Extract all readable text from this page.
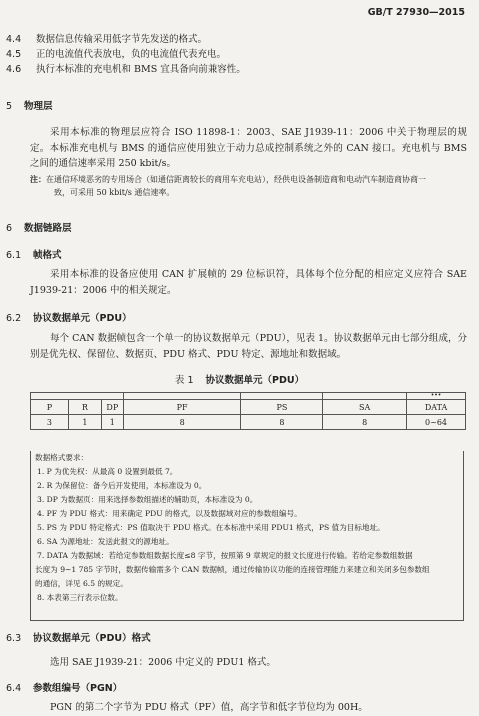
GB/T 27930—2015
4.4 数据信息传输采用低字节先发送的格式。
4.5 正的电流值代表放电，负的电流值代表充电。
4.6 执行本标准的充电机和 BMS 宜具备向前兼容性。
5 物理层
采用本标准的物理层应符合 ISO 11898-1：2003、SAE J1939-11：2006 中关于物理层的规定。本标准充电机与 BMS 的通信应使用独立于动力总成控制系统之外的 CAN 接口。充电机与 BMS 之间的通信速率采用 250 kbit/s。
注：在通信环境恶劣的专用场合（如通信距离较长的商用车充电站），经供电设备制造商和电动汽车制造商协商一
致，可采用 50 kbit/s 通信速率。
6 数据链路层
6.1 帧格式
采用本标准的设备应使用 CAN 扩展帧的 29 位标识符，具体每个位分配的相应定义应符合 SAE J1939-21：2006 中的相关规定。
6.2 协议数据单元（PDU）
每个 CAN 数据帧包含一个单一的协议数据单元（PDU），见表 1。协议数据单元由七部分组成，分别是优先权、保留位、数据页、PDU 格式、PDU 特定、源地址和数据域。
表 1 协议数据单元（PDU）
						•••
P	R	DP	PF	PS	SA	DATA
3	1	1	8	8	8	0~64
数据格式要求：
1. P 为优先权：从最高 0 设置到最低 7。
2. R 为保留位：备今后开发使用，本标准设为 0。
3. DP 为数据页：用来选择参数组描述的辅助页，本标准设为 0。
4. PF 为 PDU 格式：用来确定 PDU 的格式，以及数据域对应的参数组编号。
5. PS 为 PDU 特定格式：PS 值取决于 PDU 格式。在本标准中采用 PDU1 格式，PS 值为目标地址。
6. SA 为源地址：发送此报文的源地址。
7. DATA 为数据域：若给定参数组数据长度≤8 字节，按照第 9 章规定的报文长度进行传输。若给定参数组数据
长度为 9~1 785 字节时，数据传输需多个 CAN 数据帧，通过传输协议功能的连接管理能力来建立和关闭多包参数组
的通信，详见 6.5 的规定。
8. 本表第三行表示位数。
6.3 协议数据单元（PDU）格式
选用 SAE J1939-21：2006 中定义的 PDU1 格式。
6.4 参数组编号（PGN）
PGN 的第二个字节为 PDU 格式（PF）值，高字节和低字节位均为 00H。
